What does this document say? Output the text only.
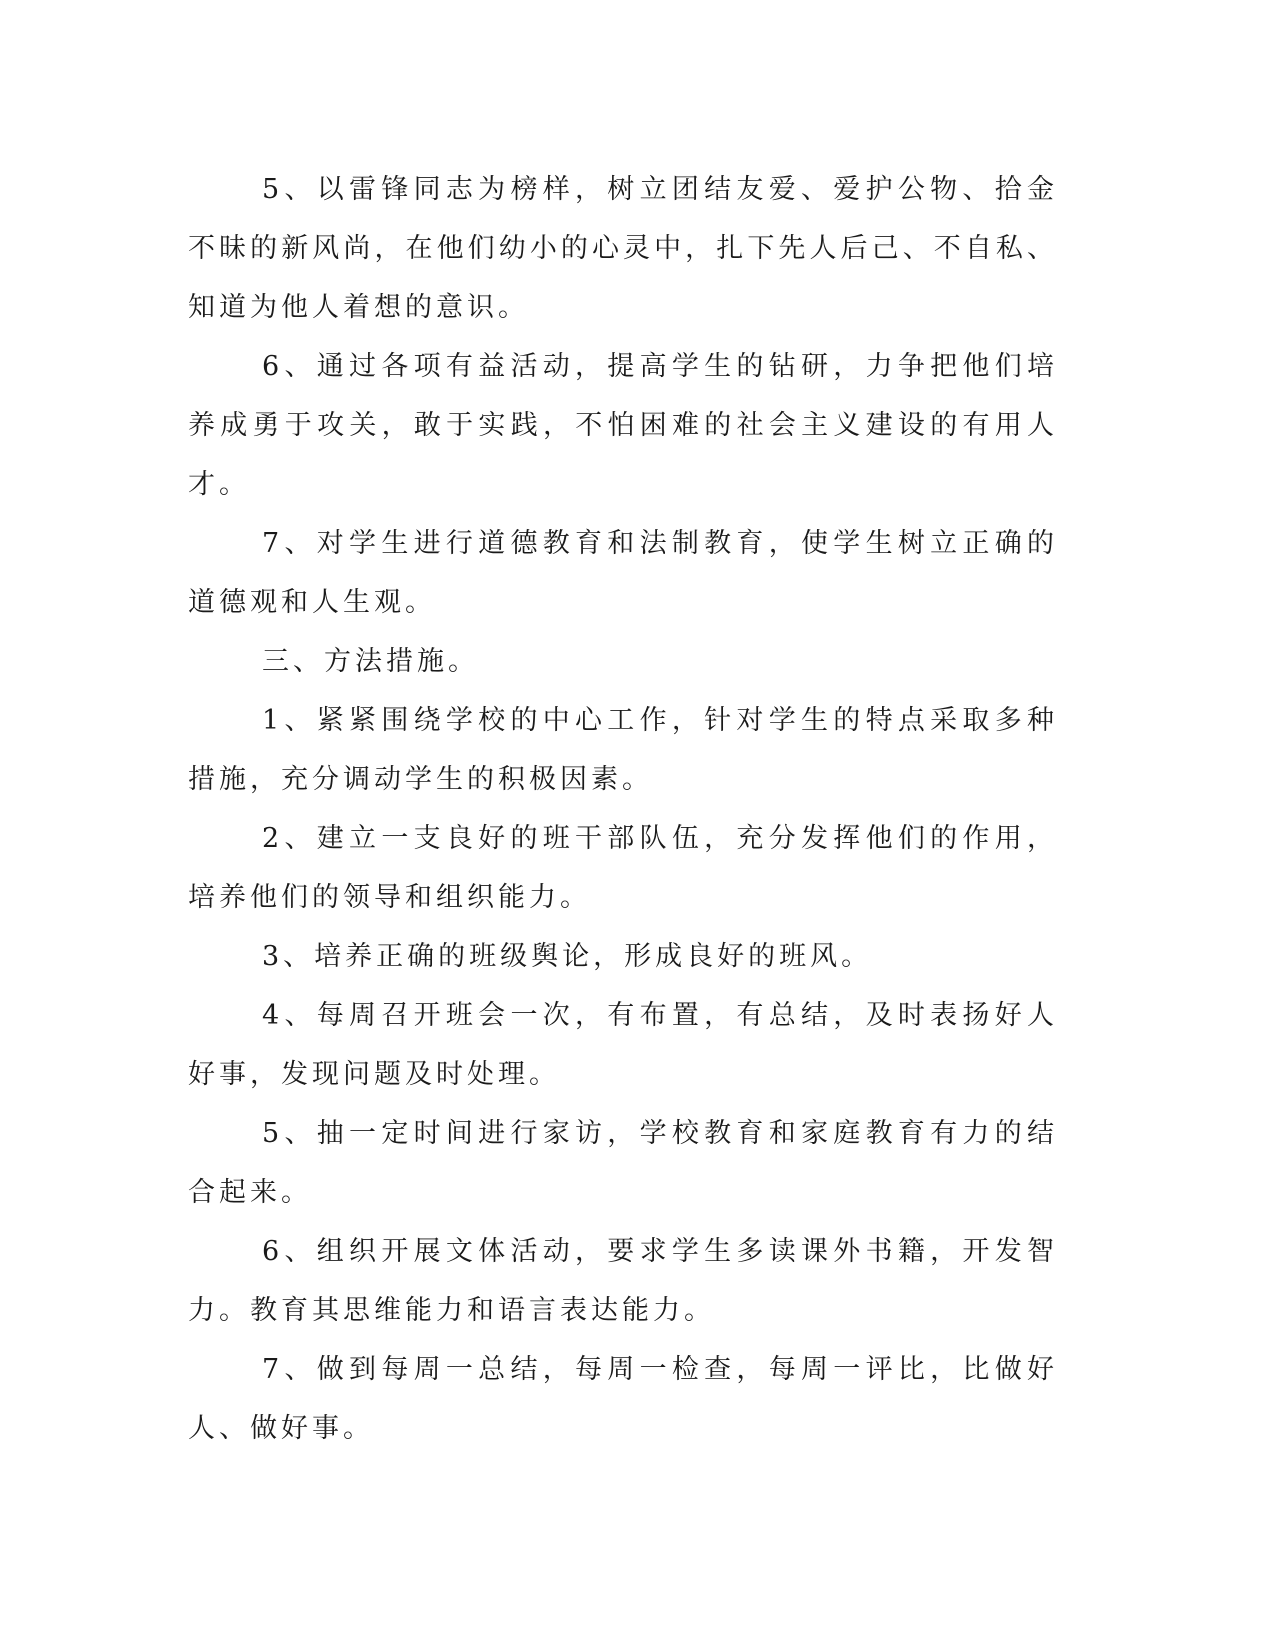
5、以雷锋同志为榜样，树立团结友爱、爱护公物、拾金不昧的新风尚，在他们幼小的心灵中，扎下先人后己、不自私、知道为他人着想的意识。

6、通过各项有益活动，提高学生的钻研，力争把他们培养成勇于攻关，敢于实践，不怕困难的社会主义建设的有用人才。

7、对学生进行道德教育和法制教育，使学生树立正确的道德观和人生观。

三、方法措施。

1、紧紧围绕学校的中心工作，针对学生的特点采取多种措施，充分调动学生的积极因素。

2、建立一支良好的班干部队伍，充分发挥他们的作用，培养他们的领导和组织能力。

3、培养正确的班级舆论，形成良好的班风。

4、每周召开班会一次，有布置，有总结，及时表扬好人好事，发现问题及时处理。

5、抽一定时间进行家访，学校教育和家庭教育有力的结合起来。

6、组织开展文体活动，要求学生多读课外书籍，开发智力。教育其思维能力和语言表达能力。

7、做到每周一总结，每周一检查，每周一评比，比做好人、做好事。
